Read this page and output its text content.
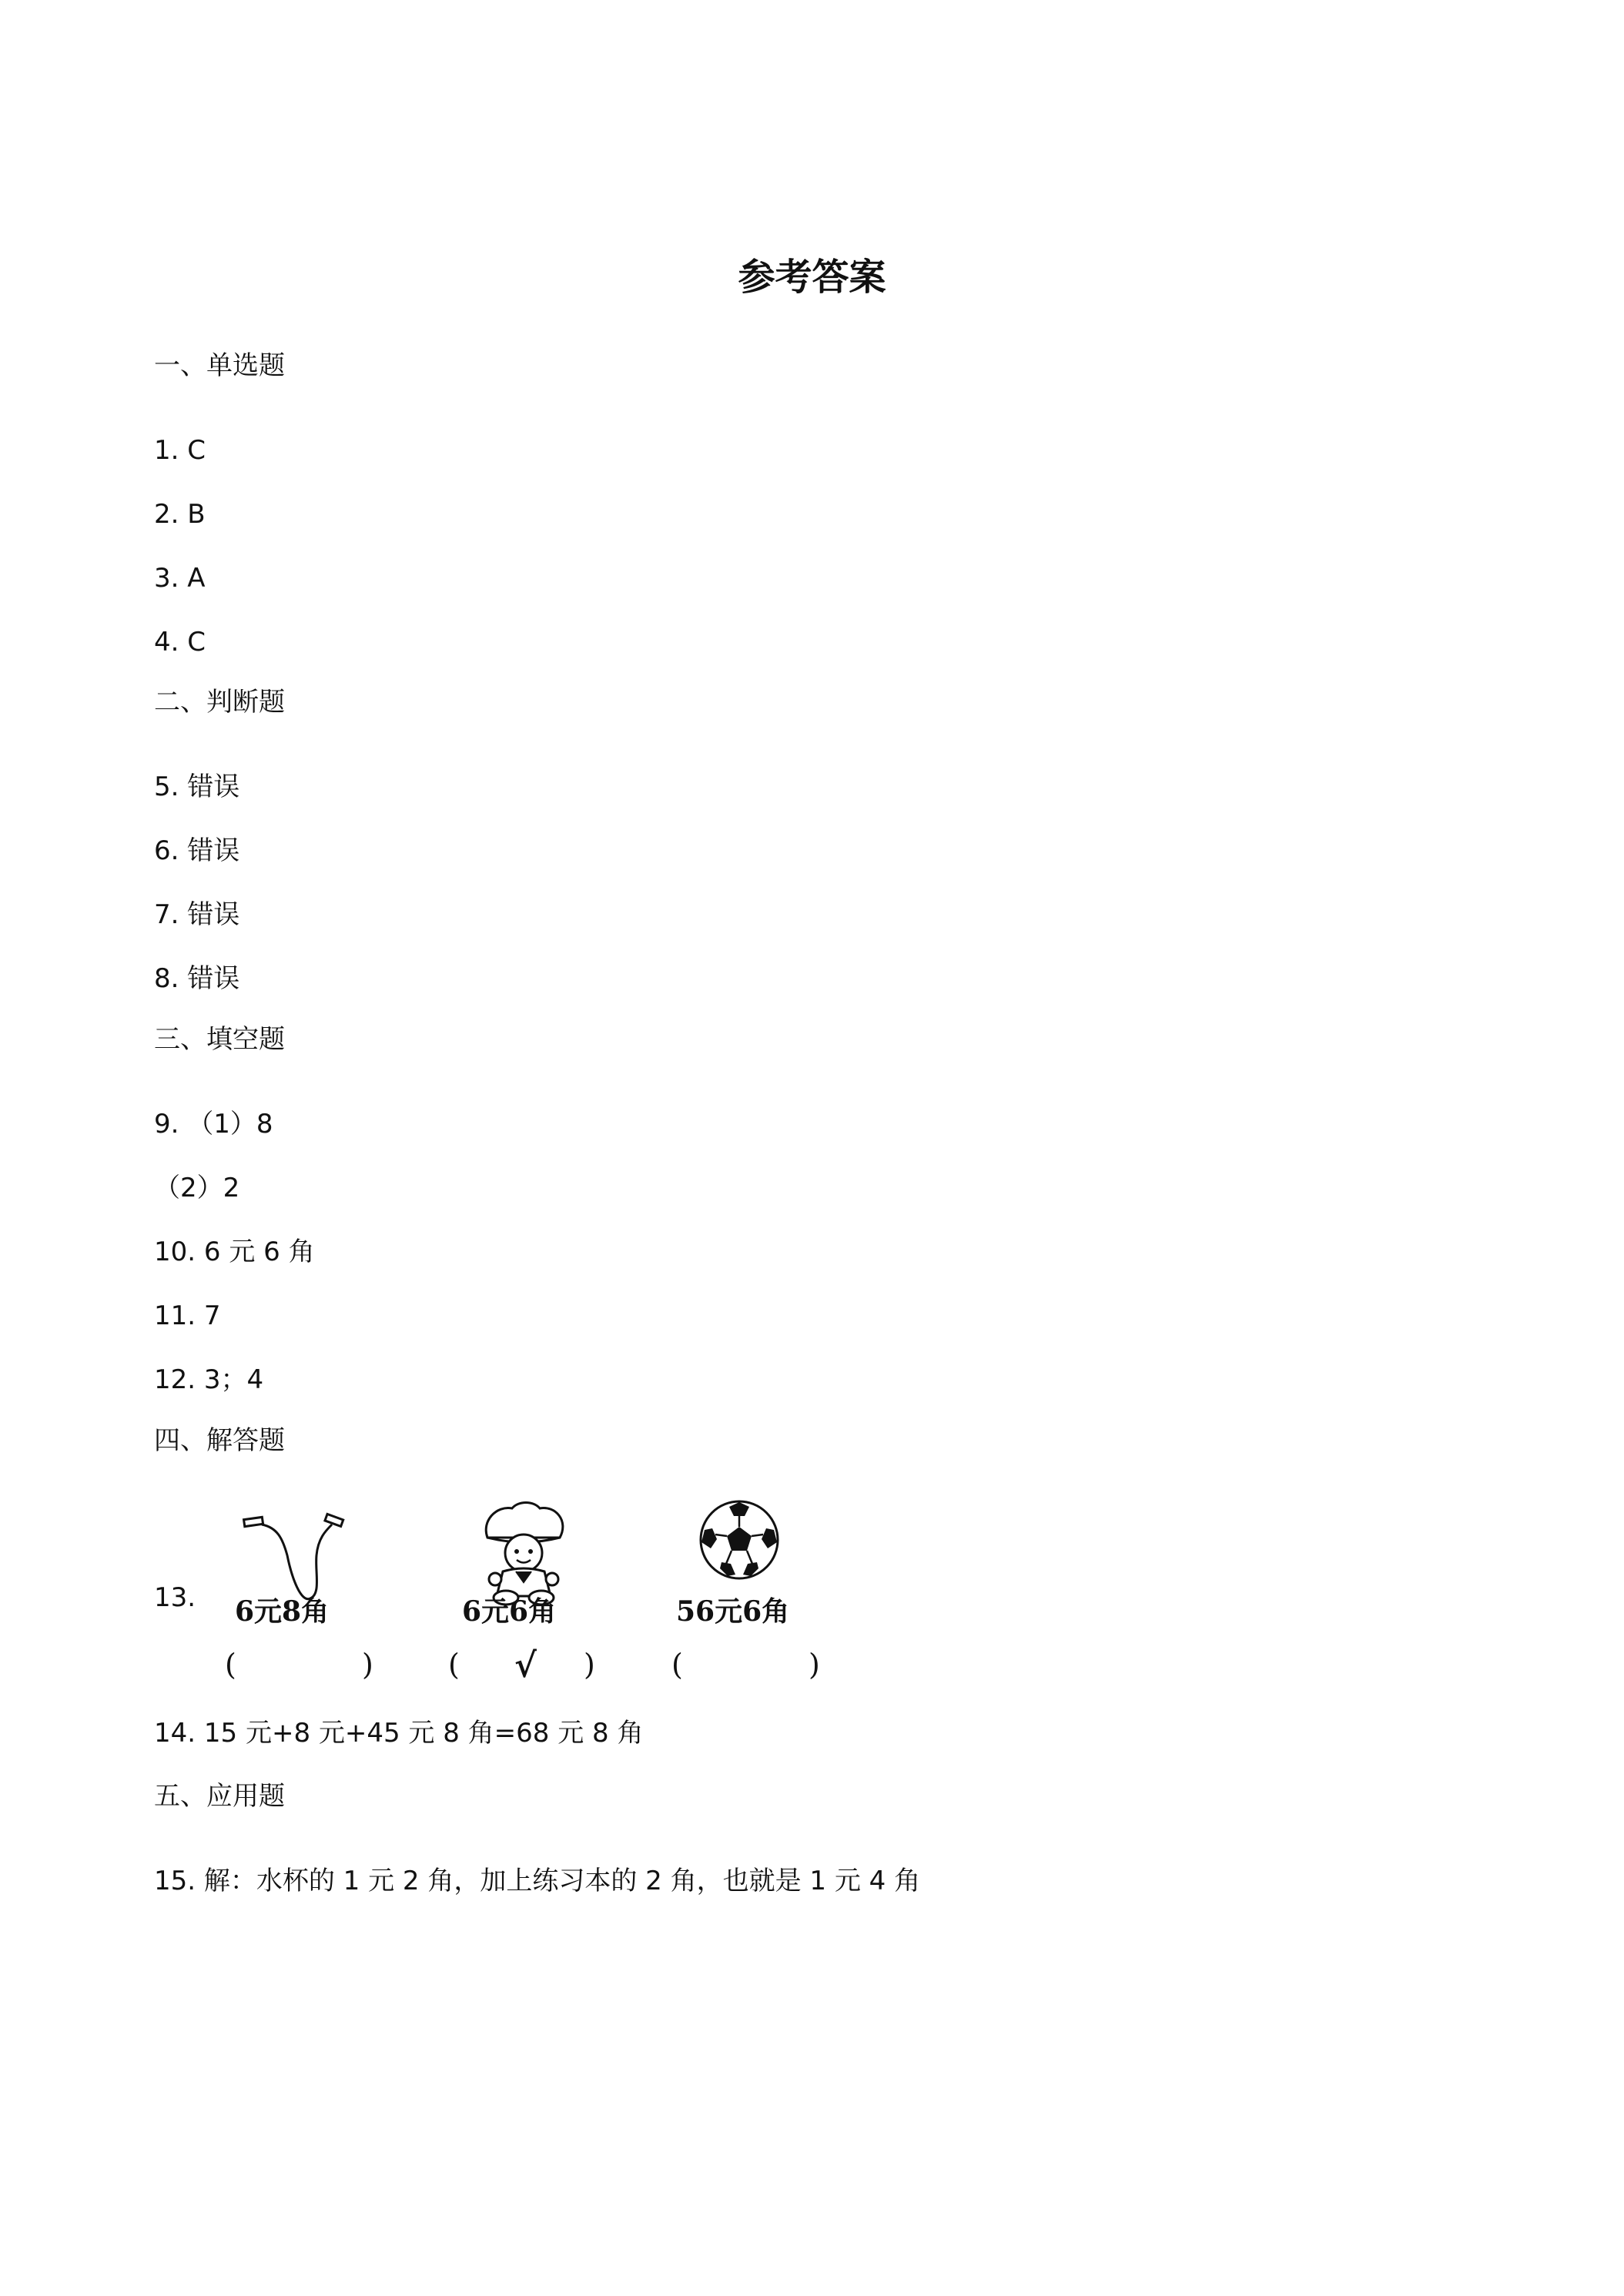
参考答案
一、单选题
1. C
2. B
3. A
4. C
二、判断题
5. 错误
6. 错误
7. 错误
8. 错误
三、填空题
9. （1）8
（2）2
10. 6 元 6 角
11. 7
12. 3；4
四、解答题
13. 6元8角
(	)
6元6角
( √ )
56元6角
(	)
14. 15 元+8 元+45 元 8 角=68 元 8 角
五、应用题
15. 解：水杯的 1 元 2 角，加上练习本的 2 角，也就是 1 元 4 角
